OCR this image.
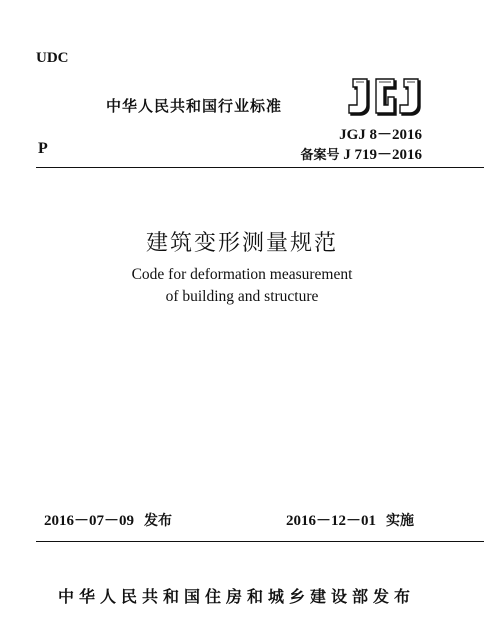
UDC
中华人民共和国行业标准
JGJ 8－2016
P	备案号 J 719－2016
建筑变形测量规范
Code for deformation measurement
of building and structure
2016－07－09 发布	2016－12－01 实施
中华人民共和国住房和城乡建设部 发布
